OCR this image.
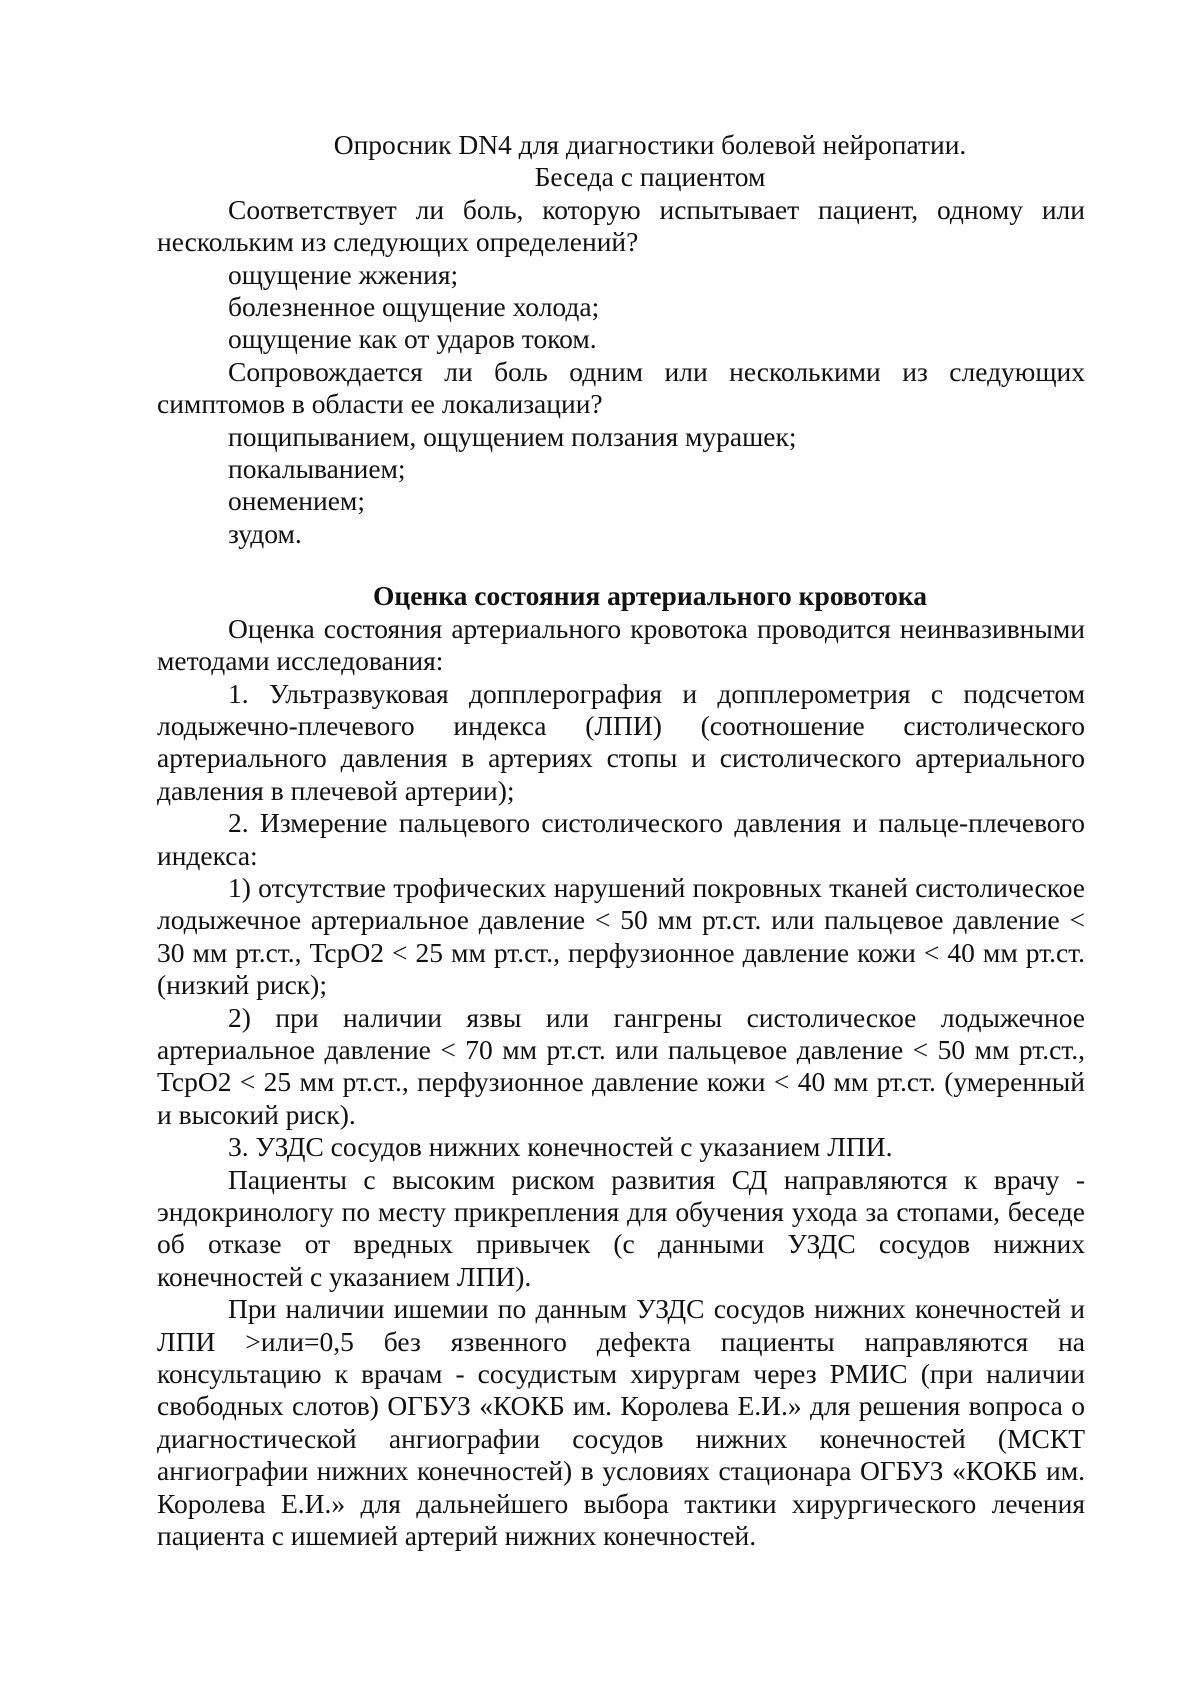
Опросник DN4 для диагностики болевой нейропатии.
Беседа с пациентом

Соответствует ли боль, которую испытывает пациент, одному или нескольким из следующих определений?

ощущение жжения;
болезненное ощущение холода;
ощущение как от ударов током.

Сопровождается ли боль одним или несколькими из следующих симптомов в области ее локализации?

пощипыванием, ощущением ползания мурашек;
покалыванием;
онемением;
зудом.
Оценка состояния артериального кровотока

Оценка состояния артериального кровотока проводится неинвазивными методами исследования:

1. Ультразвуковая допплерография и допплерометрия с подсчетом лодыжечно-плечевого индекса (ЛПИ) (соотношение систолического артериального давления в артериях стопы и систолического артериального давления в плечевой артерии);

2. Измерение пальцевого систолического давления и пальце-плечевого индекса:

1) отсутствие трофических нарушений покровных тканей систолическое лодыжечное артериальное давление < 50 мм рт.ст. или пальцевое давление < 30 мм рт.ст., TcpO2 < 25 мм рт.ст., перфузионное давление кожи < 40 мм рт.ст. (низкий риск);

2) при наличии язвы или гангрены систолическое лодыжечное артериальное давление < 70 мм рт.ст. или пальцевое давление < 50 мм рт.ст., TcpO2 < 25 мм рт.ст., перфузионное давление кожи < 40 мм рт.ст. (умеренный и высокий риск).

3. УЗДС сосудов нижних конечностей с указанием ЛПИ.

Пациенты с высоким риском развития СД направляются к врачу - эндокринологу по месту прикрепления для обучения ухода за стопами, беседе об отказе от вредных привычек (с данными УЗДС сосудов нижних конечностей с указанием ЛПИ).

При наличии ишемии по данным УЗДС сосудов нижних конечностей и ЛПИ >или=0,5 без язвенного дефекта пациенты направляются на консультацию к врачам - сосудистым хирургам через РМИС (при наличии свободных слотов) ОГБУЗ «КОКБ им. Королева Е.И.» для решения вопроса о диагностической ангиографии сосудов нижних конечностей (МСКТ ангиографии нижних конечностей) в условиях стационара ОГБУЗ «КОКБ им. Королева Е.И.» для дальнейшего выбора тактики хирургического лечения пациента с ишемией артерий нижних конечностей.
